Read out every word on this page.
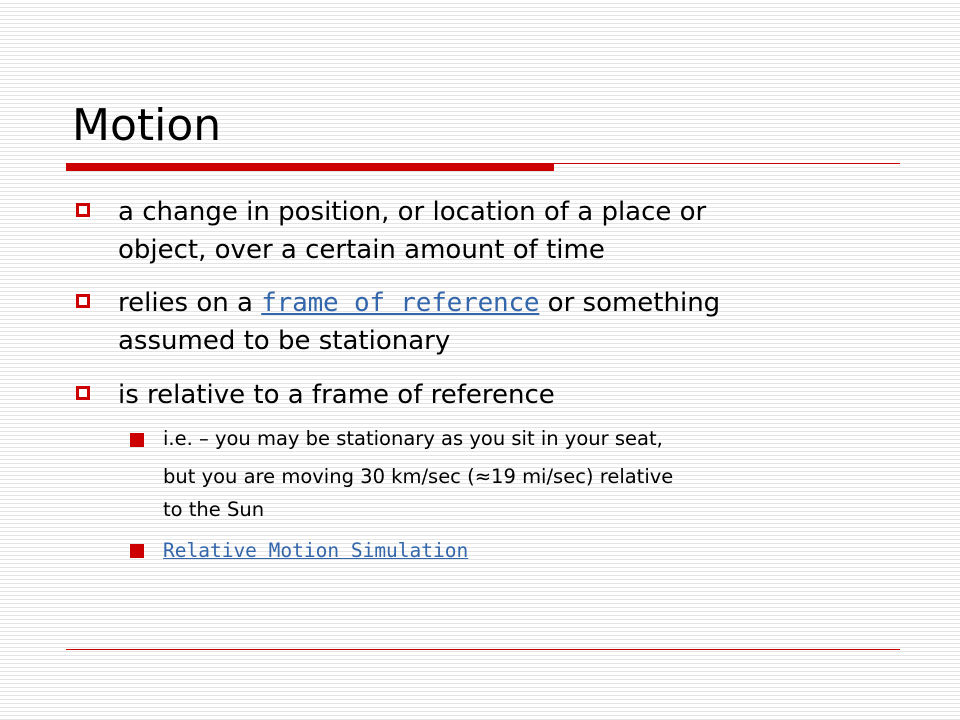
Motion
a change in position, or location of a place or
object, over a certain amount of time
relies on a frame of reference or something
assumed to be stationary
is relative to a frame of reference
i.e. – you may be stationary as you sit in your seat,
but you are moving 30 km/sec (≈19 mi/sec) relative
to the Sun
Relative Motion Simulation
